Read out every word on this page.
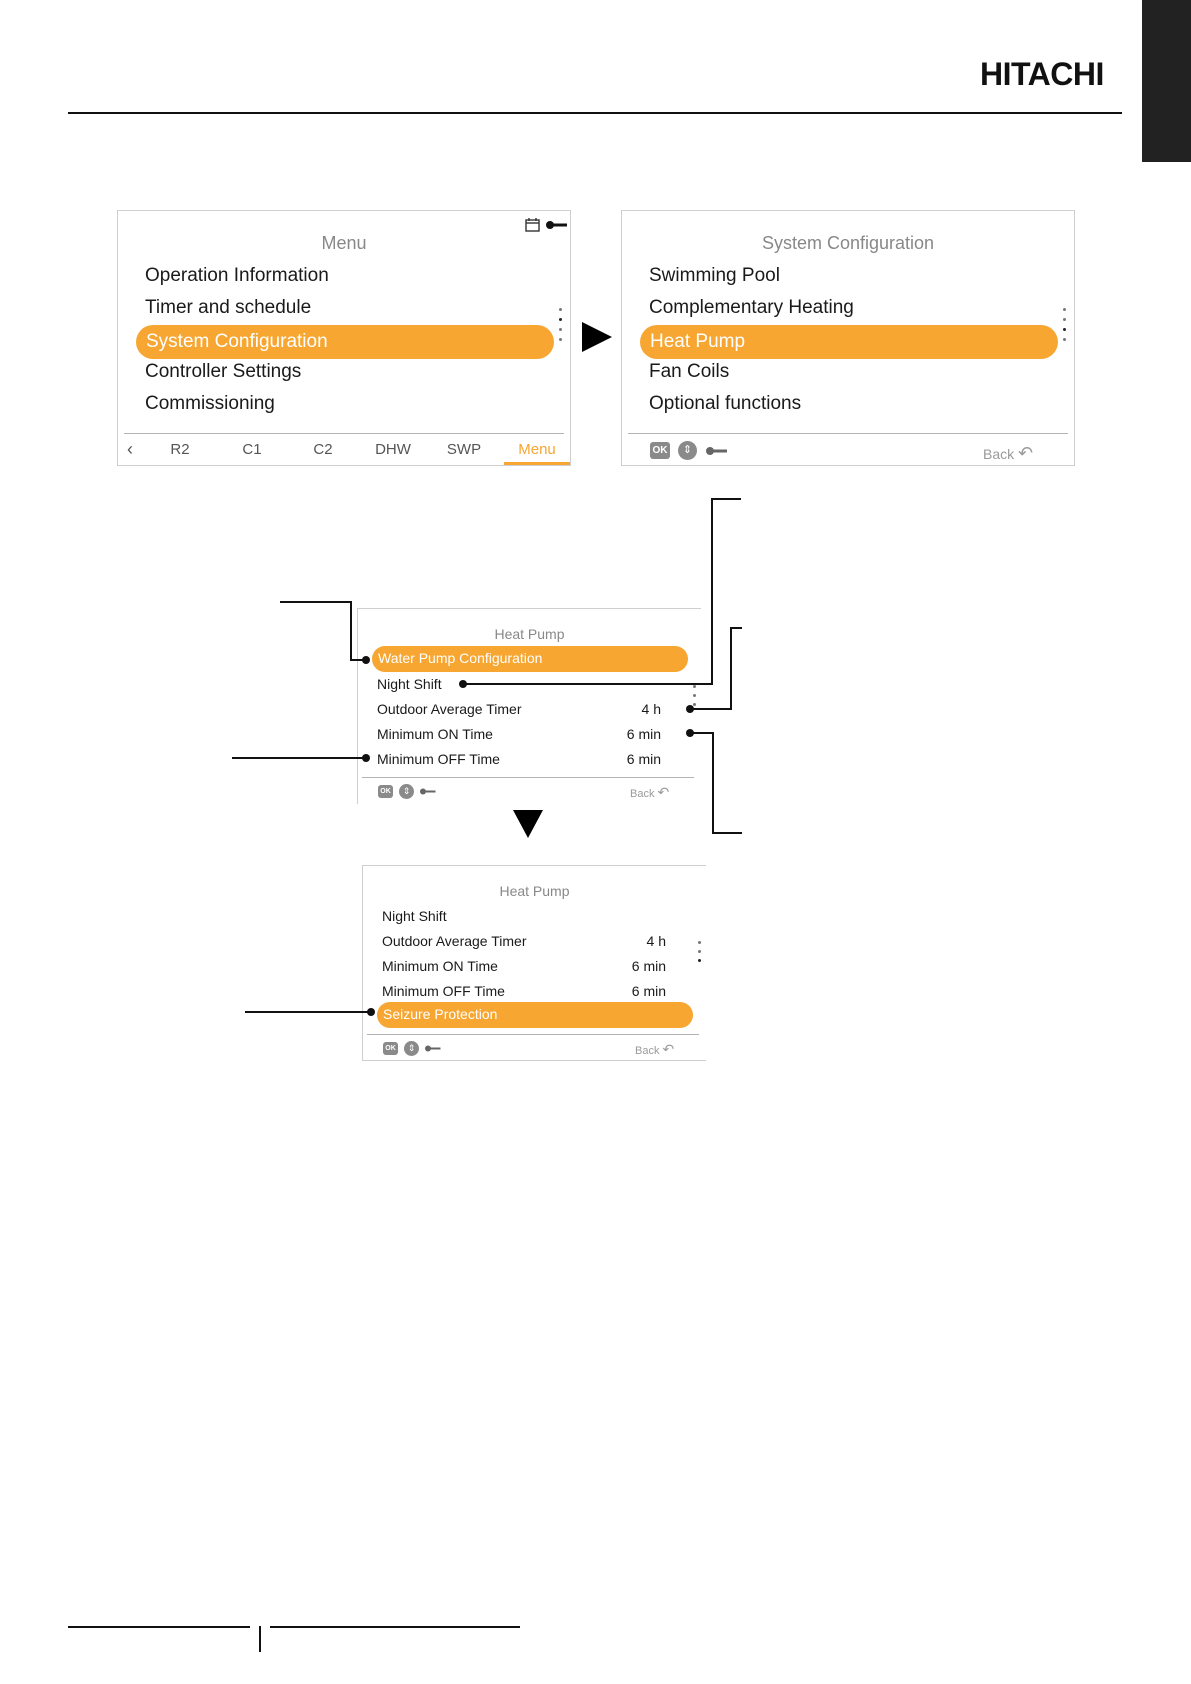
HITACHI
Menu
Operation Information
Timer and schedule
System Configuration
Controller Settings
Commissioning
‹	R2	C1	C2	DHW	SWP	Menu
System Configuration
Swimming Pool
Complementary Heating
Heat Pump
Fan Coils
Optional functions
OK	⇕	Back ↶
Heat Pump
Water Pump Configuration
Night Shift
Outdoor Average Timer	4 h
Minimum ON Time	6 min
Minimum OFF Time	6 min
OK	⇕	Back ↶
Heat Pump
Night Shift
Outdoor Average Timer	4 h
Minimum ON Time	6 min
Minimum OFF Time	6 min
Seizure Protection
OK	⇕	Back ↶
